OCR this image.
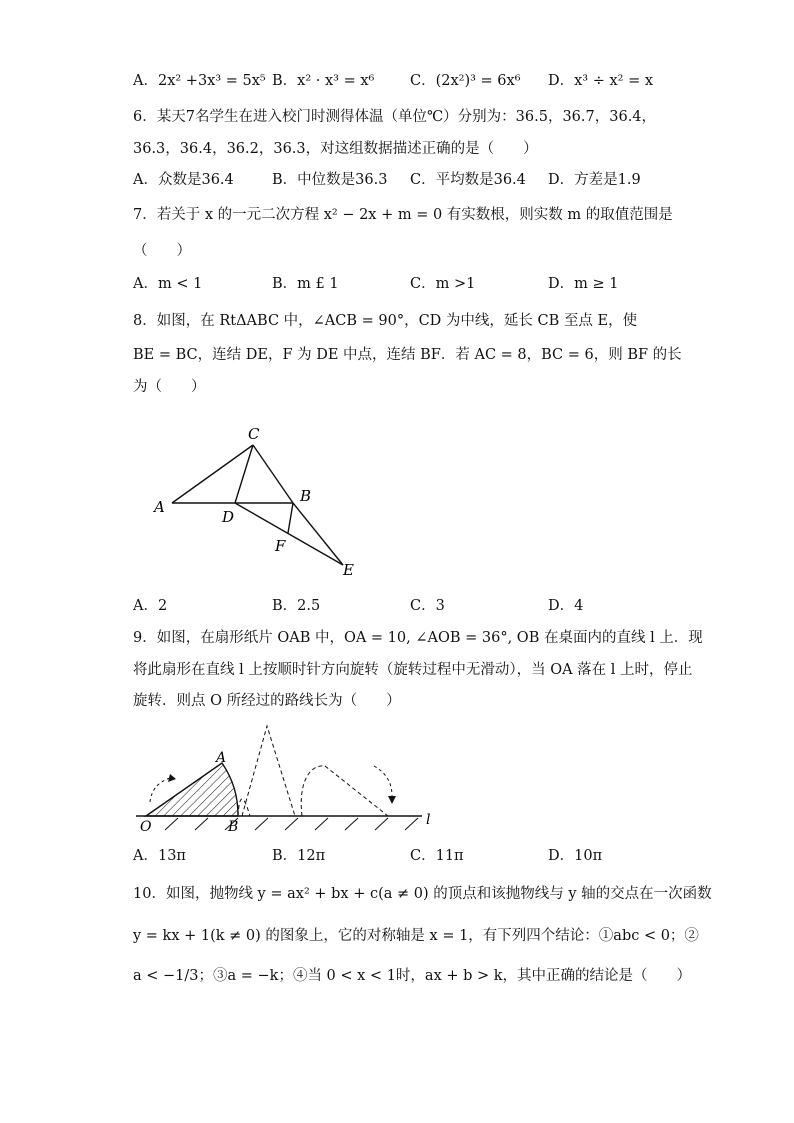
A．2x² +3x³ = 5x⁵ B．x² · x³ = x⁶ C．(2x²)³ = 6x⁶ D．x³ ÷ x² = x
6．某天7名学生在进入校门时测得体温（单位℃）分别为：36.5，36.7，36.4，
36.3，36.4，36.2，36.3，对这组数据描述正确的是（　　）
A．众数是36.4	B．中位数是36.3 C．平均数是36.4 D．方差是1.9
7．若关于 x 的一元二次方程 x² − 2x + m = 0 有实数根，则实数 m 的取值范围是
（　　）
A．m < 1	B．m £ 1	C．m >1	D．m ≥ 1
8．如图，在 RtΔABC 中，∠ACB = 90°，CD 为中线，延长 CB 至点 E，使
BE = BC，连结 DE，F 为 DE 中点，连结 BF．若 AC = 8，BC = 6，则 BF 的长
为（　　）
C
A
B
D
F
E
A．2	B．2.5	C．3	D．4
9．如图，在扇形纸片 OAB 中，OA = 10, ∠AOB = 36°, OB 在桌面内的直线 l 上．现
将此扇形在直线 l 上按顺时针方向旋转（旋转过程中无滑动），当 OA 落在 l 上时，停止
旋转．则点 O 所经过的路线长为（　　）
O
A
B	l
A．13π	B．12π	C．11π	D．10π
10．如图，抛物线 y = ax² + bx + c(a ≠ 0) 的顶点和该抛物线与 y 轴的交点在一次函数
y = kx + 1(k ≠ 0) 的图象上，它的对称轴是 x = 1，有下列四个结论：①abc < 0；②
a < −1/3；③a = −k；④当 0 < x < 1时，ax + b > k，其中正确的结论是（　　）
